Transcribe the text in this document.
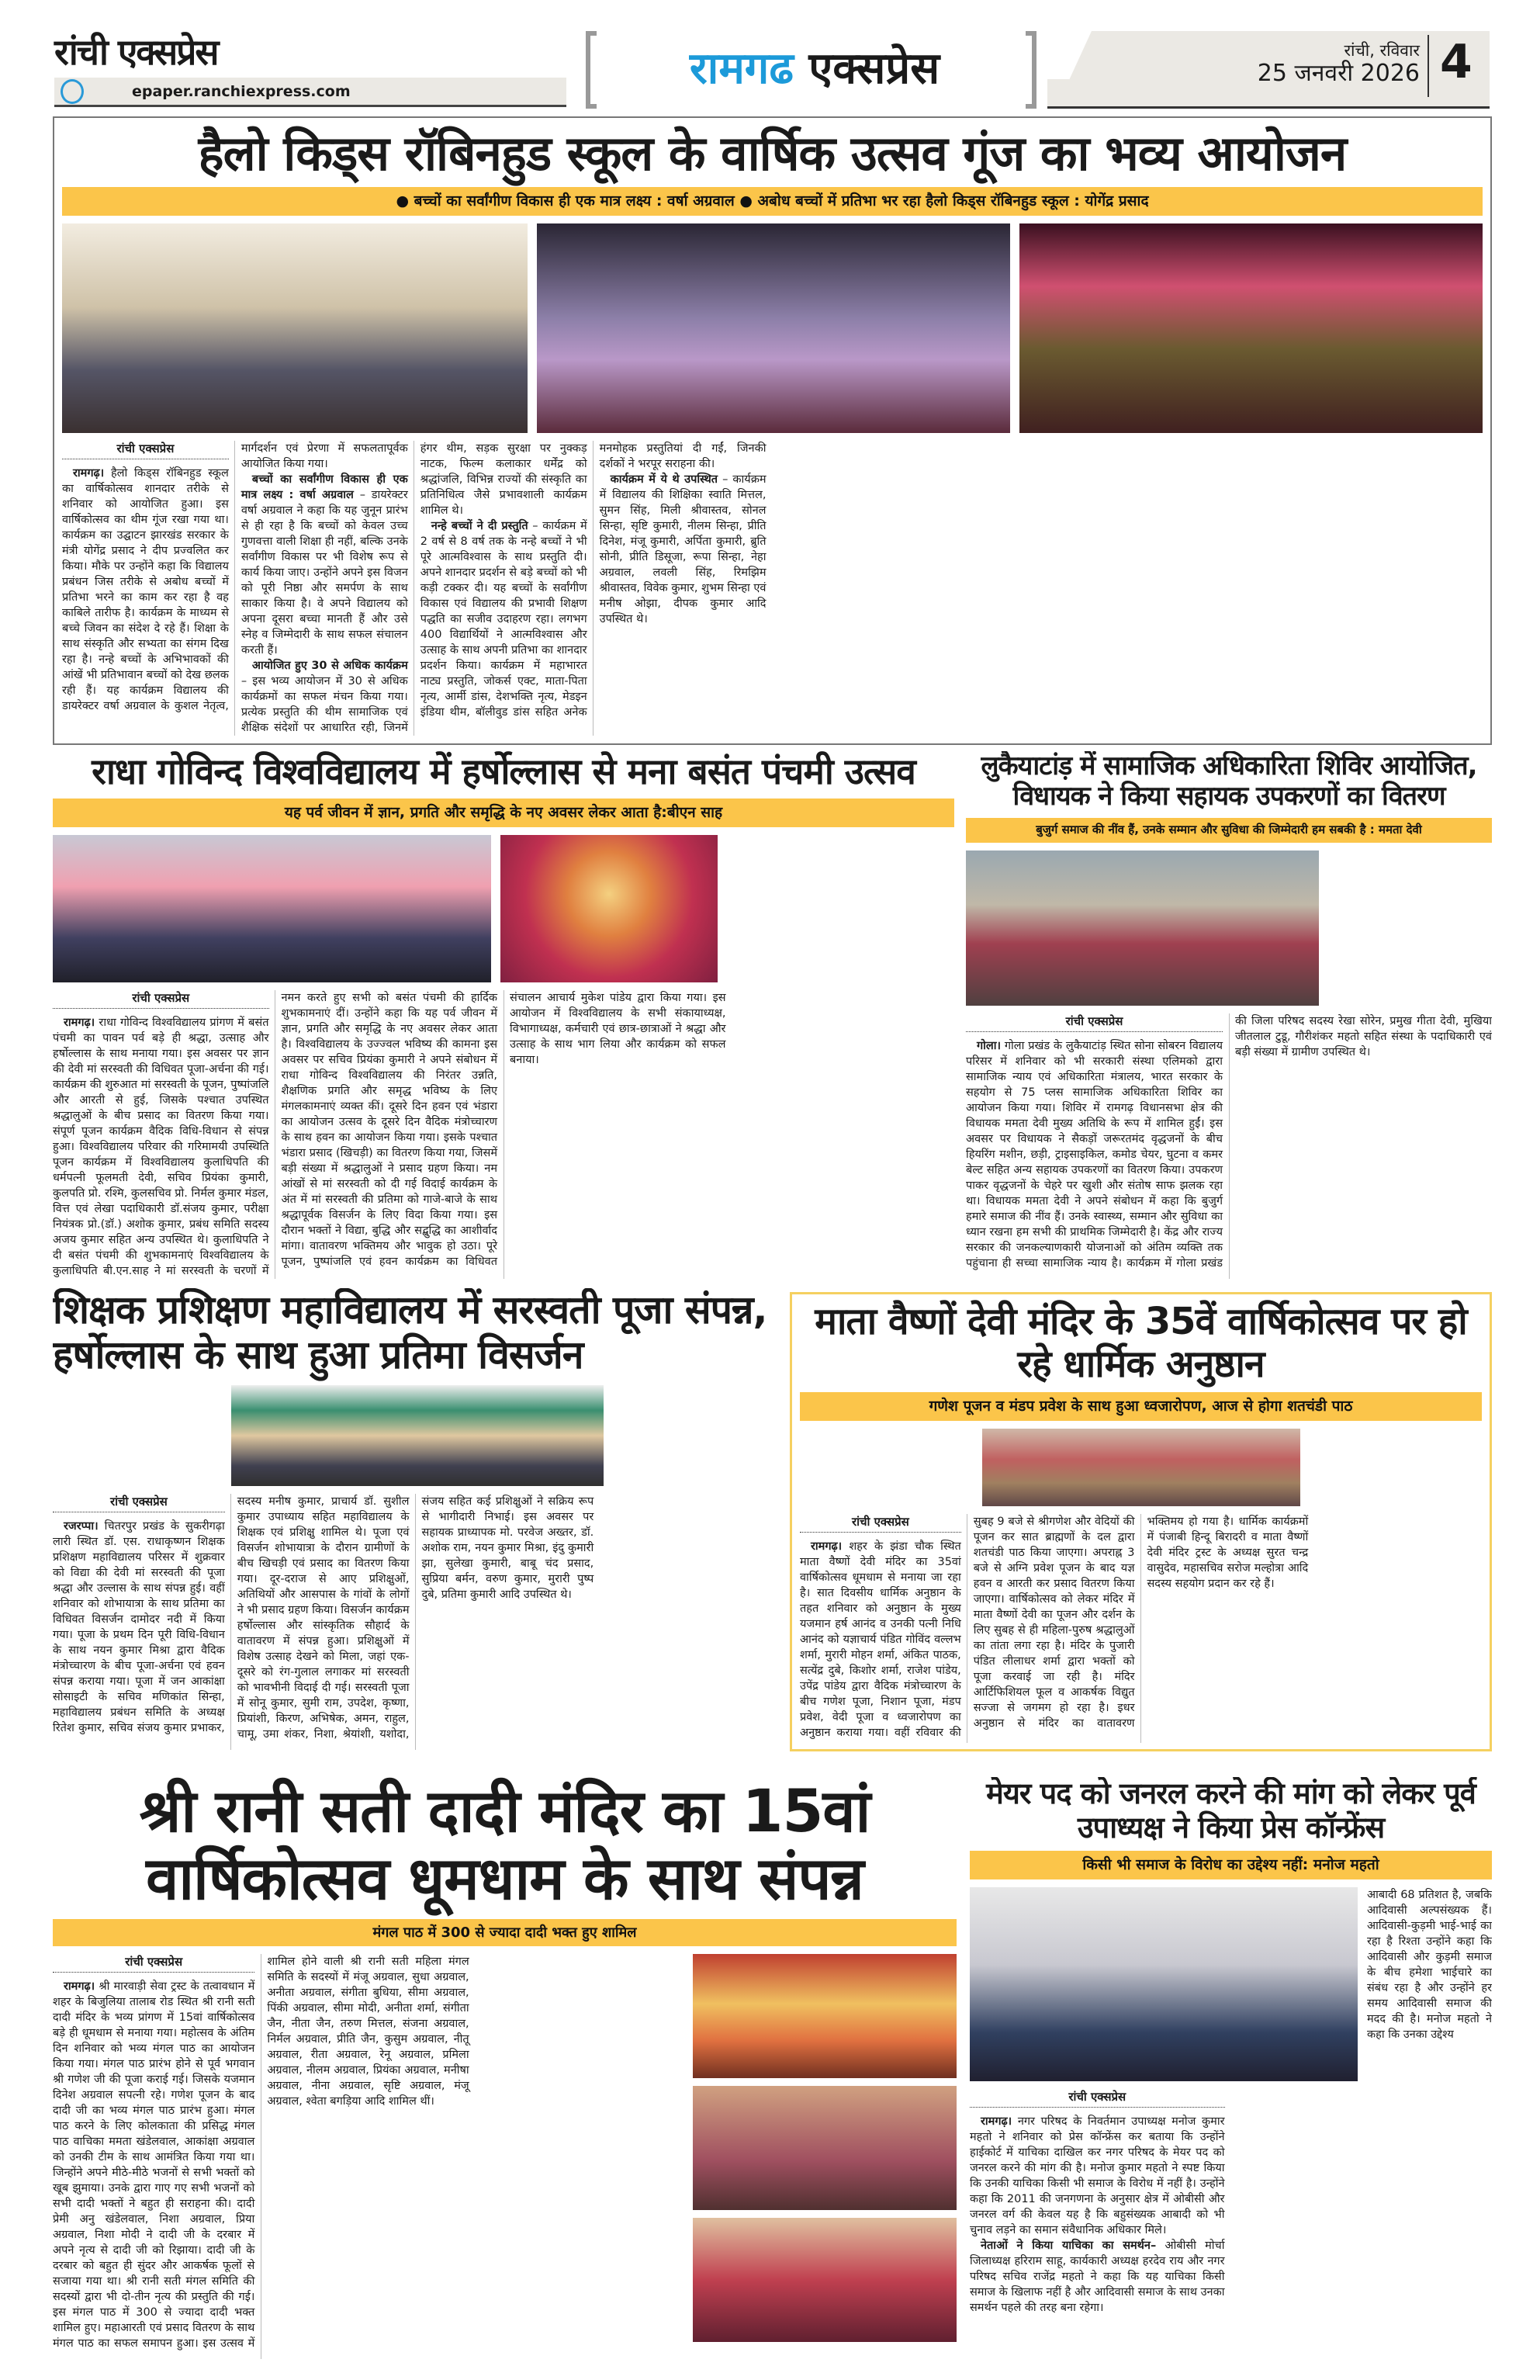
रांची एक्सप्रेस
epaper.ranchiexpress.com	रामगढ एक्सप्रेस	रांची, रविवार
25 जनवरी 2026 4
हैलो किड्स रॉबिनहुड स्कूल के वार्षिक उत्सव गूंज का भव्य आयोजन
● बच्चों का सर्वांगीण विकास ही एक मात्र लक्ष्य : वर्षा अग्रवाल ● अबोध बच्चों में प्रतिभा भर रहा हैलो किड्स रॉबिनहुड स्कूल : योगेंद्र प्रसाद
रांची एक्सप्रेस

रामगढ़। हैलो किड्स रॉबिनहुड स्कूल का वार्षिकोत्सव शानदार तरीके से शनिवार को आयोजित हुआ। इस वार्षिकोत्सव का थीम गूंज रखा गया था। कार्यक्रम का उद्घाटन झारखंड सरकार के मंत्री योगेंद्र प्रसाद ने दीप प्रज्वलित कर किया। मौके पर उन्होंने कहा कि विद्यालय प्रबंधन जिस तरीके से अबोध बच्चों में प्रतिभा भरने का काम कर रहा है वह काबिले तारीफ है। कार्यक्रम के माध्यम से बच्चे जिवन का संदेश दे रहे हैं। शिक्षा के साथ संस्कृति और सभ्यता का संगम दिख रहा है। नन्हे बच्चों के अभिभावकों की आंखें भी प्रतिभावान बच्चों को देख छलक रही हैं। यह कार्यक्रम विद्यालय की डायरेक्टर वर्षा अग्रवाल के कुशल नेतृत्व, मार्गदर्शन एवं प्रेरणा में सफलतापूर्वक आयोजित किया गया।

बच्चों का सर्वांगीण विकास ही एक मात्र लक्ष्य : वर्षा अग्रवाल – डायरेक्टर वर्षा अग्रवाल ने कहा कि यह जुनून प्रारंभ से ही रहा है कि बच्चों को केवल उच्च गुणवत्ता वाली शिक्षा ही नहीं, बल्कि उनके सर्वांगीण विकास पर भी विशेष रूप से कार्य किया जाए। उन्होंने अपने इस विजन को पूरी निष्ठा और समर्पण के साथ साकार किया है। वे अपने विद्यालय को अपना दूसरा बच्चा मानती हैं और उसे स्नेह व जिम्मेदारी के साथ सफल संचालन करती हैं।

आयोजित हुए 30 से अधिक कार्यक्रम – इस भव्य आयोजन में 30 से अधिक कार्यक्रमों का सफल मंचन किया गया। प्रत्येक प्रस्तुति की थीम सामाजिक एवं शैक्षिक संदेशों पर आधारित रही, जिनमें हंगर थीम, सड़क सुरक्षा पर नुक्कड़ नाटक, फिल्म कलाकार धर्मेंद्र को श्रद्धांजलि, विभिन्न राज्यों की संस्कृति का प्रतिनिधित्व जैसे प्रभावशाली कार्यक्रम शामिल थे।

नन्हे बच्चों ने दी प्रस्तुति – कार्यक्रम में 2 वर्ष से 8 वर्ष तक के नन्हे बच्चों ने भी पूरे आत्मविश्वास के साथ प्रस्तुति दी। अपने शानदार प्रदर्शन से बड़े बच्चों को भी कड़ी टक्कर दी। यह बच्चों के सर्वांगीण विकास एवं विद्यालय की प्रभावी शिक्षण पद्धति का सजीव उदाहरण रहा। लगभग 400 विद्यार्थियों ने आत्मविश्वास और उत्साह के साथ अपनी प्रतिभा का शानदार प्रदर्शन किया। कार्यक्रम में महाभारत नाट्य प्रस्तुति, जोकर्स एक्ट, माता-पिता नृत्य, आर्मी डांस, देशभक्ति नृत्य, मेडइन इंडिया थीम, बॉलीवुड डांस सहित अनेक मनमोहक प्रस्तुतियां दी गईं, जिनकी दर्शकों ने भरपूर सराहना की।

कार्यक्रम में ये थे उपस्थित – कार्यक्रम में विद्यालय की शिक्षिका स्वाति मित्तल, सुमन सिंह, मिली श्रीवास्तव, सोनल सिन्हा, सृष्टि कुमारी, नीलम सिन्हा, प्रीति दिनेश, मंजू कुमारी, अर्पिता कुमारी, ब्रुति सोनी, प्रीति डिसूजा, रूपा सिन्हा, नेहा अग्रवाल, लवली सिंह, रिमझिम श्रीवास्तव, विवेक कुमार, शुभम सिन्हा एवं मनीष ओझा, दीपक कुमार आदि उपस्थित थे।

राधा गोविन्द विश्वविद्यालय में हर्षोल्लास से मना बसंत पंचमी उत्सव
यह पर्व जीवन में ज्ञान, प्रगति और समृद्धि के नए अवसर लेकर आता है:बीएन साह
रांची एक्सप्रेस

रामगढ़। राधा गोविन्द विश्वविद्यालय प्रांगण में बसंत पंचमी का पावन पर्व बड़े ही श्रद्धा, उत्साह और हर्षोल्लास के साथ मनाया गया। इस अवसर पर ज्ञान की देवी मां सरस्वती की विधिवत पूजा-अर्चना की गई। कार्यक्रम की शुरुआत मां सरस्वती के पूजन, पुष्पांजलि और आरती से हुई, जिसके पश्चात उपस्थित श्रद्धालुओं के बीच प्रसाद का वितरण किया गया। संपूर्ण पूजन कार्यक्रम वैदिक विधि-विधान से संपन्न हुआ। विश्वविद्यालय परिवार की गरिमामयी उपस्थिति पूजन कार्यक्रम में विश्वविद्यालय कुलाधिपति की धर्मपत्नी फूलमती देवी, सचिव प्रियंका कुमारी, कुलपति प्रो. रश्मि, कुलसचिव प्रो. निर्मल कुमार मंडल, वित्त एवं लेखा पदाधिकारी डॉ.संजय कुमार, परीक्षा नियंत्रक प्रो.(डॉ.) अशोक कुमार, प्रबंध समिति सदस्य अजय कुमार सहित अन्य उपस्थित थे। कुलाधिपति ने दी बसंत पंचमी की शुभकामनाएं विश्वविद्यालय के कुलाधिपति बी.एन.साह ने मां सरस्वती के चरणों में नमन करते हुए सभी को बसंत पंचमी की हार्दिक शुभकामनाएं दीं। उन्होंने कहा कि यह पर्व जीवन में ज्ञान, प्रगति और समृद्धि के नए अवसर लेकर आता है। विश्वविद्यालय के उज्ज्वल भविष्य की कामना इस अवसर पर सचिव प्रियंका कुमारी ने अपने संबोधन में राधा गोविन्द विश्वविद्यालय की निरंतर उन्नति, शैक्षणिक प्रगति और समृद्ध भविष्य के लिए मंगलकामनाएं व्यक्त कीं। दूसरे दिन हवन एवं भंडारा का आयोजन उत्सव के दूसरे दिन वैदिक मंत्रोच्चारण के साथ हवन का आयोजन किया गया। इसके पश्चात भंडारा प्रसाद (खिचड़ी) का वितरण किया गया, जिसमें बड़ी संख्या में श्रद्धालुओं ने प्रसाद ग्रहण किया। नम आंखों से मां सरस्वती को दी गई विदाई कार्यक्रम के अंत में मां सरस्वती की प्रतिमा को गाजे-बाजे के साथ श्रद्धापूर्वक विसर्जन के लिए विदा किया गया। इस दौरान भक्तों ने विद्या, बुद्धि और सद्बुद्धि का आशीर्वाद मांगा। वातावरण भक्तिमय और भावुक हो उठा। पूरे पूजन, पुष्पांजलि एवं हवन कार्यक्रम का विधिवत संचालन आचार्य मुकेश पांडेय द्वारा किया गया। इस आयोजन में विश्वविद्यालय के सभी संकायाध्यक्ष, विभागाध्यक्ष, कर्मचारी एवं छात्र-छात्राओं ने श्रद्धा और उत्साह के साथ भाग लिया और कार्यक्रम को सफल बनाया।

लुकैयाटांड़ में सामाजिक अधिकारिता शिविर आयोजित, विधायक ने किया सहायक उपकरणों का वितरण
बुजुर्ग समाज की नींव हैं, उनके सम्मान और सुविधा की जिम्मेदारी हम सबकी है : ममता देवी
रांची एक्सप्रेस

गोला। गोला प्रखंड के लुकैयाटांड़ स्थित सोना सोबरन विद्यालय परिसर में शनिवार को भी सरकारी संस्था एलिमको द्वारा सामाजिक न्याय एवं अधिकारिता मंत्रालय, भारत सरकार के सहयोग से 75 प्लस सामाजिक अधिकारिता शिविर का आयोजन किया गया। शिविर में रामगढ़ विधानसभा क्षेत्र की विधायक ममता देवी मुख्य अतिथि के रूप में शामिल हुईं। इस अवसर पर विधायक ने सैकड़ों जरूरतमंद वृद्धजनों के बीच हियरिंग मशीन, छड़ी, ट्राइसाइकिल, कमोड चेयर, घुटना व कमर बेल्ट सहित अन्य सहायक उपकरणों का वितरण किया। उपकरण पाकर वृद्धजनों के चेहरे पर खुशी और संतोष साफ झलक रहा था। विधायक ममता देवी ने अपने संबोधन में कहा कि बुजुर्ग हमारे समाज की नींव हैं। उनके स्वास्थ्य, सम्मान और सुविधा का ध्यान रखना हम सभी की प्राथमिक जिम्मेदारी है। केंद्र और राज्य सरकार की जनकल्याणकारी योजनाओं को अंतिम व्यक्ति तक पहुंचाना ही सच्चा सामाजिक न्याय है। कार्यक्रम में गोला प्रखंड की जिला परिषद सदस्य रेखा सोरेन, प्रमुख गीता देवी, मुखिया जीतलाल टुडू, गौरीशंकर महतो सहित संस्था के पदाधिकारी एवं बड़ी संख्या में ग्रामीण उपस्थित थे।

शिक्षक प्रशिक्षण महाविद्यालय में सरस्वती पूजा संपन्न, हर्षोल्लास के साथ हुआ प्रतिमा विसर्जन
रांची एक्सप्रेस

रजरप्पा। चितरपुर प्रखंड के सुकरीगढ़ा लारी स्थित डॉ. एस. राधाकृष्णन शिक्षक प्रशिक्षण महाविद्यालय परिसर में शुक्रवार को विद्या की देवी मां सरस्वती की पूजा श्रद्धा और उल्लास के साथ संपन्न हुई। वहीं शनिवार को शोभायात्रा के साथ प्रतिमा का विधिवत विसर्जन दामोदर नदी में किया गया। पूजा के प्रथम दिन पूरी विधि-विधान के साथ नयन कुमार मिश्रा द्वारा वैदिक मंत्रोच्चारण के बीच पूजा-अर्चना एवं हवन संपन्न कराया गया। पूजा में जन आकांक्षा सोसाइटी के सचिव मणिकांत सिन्हा, महाविद्यालय प्रबंधन समिति के अध्यक्ष रितेश कुमार, सचिव संजय कुमार प्रभाकर, सदस्य मनीष कुमार, प्राचार्य डॉ. सुशील कुमार उपाध्याय सहित महाविद्यालय के शिक्षक एवं प्रशिक्षु शामिल थे। पूजा एवं विसर्जन शोभायात्रा के दौरान ग्रामीणों के बीच खिचड़ी एवं प्रसाद का वितरण किया गया। दूर-दराज से आए प्रशिक्षुओं, अतिथियों और आसपास के गांवों के लोगों ने भी प्रसाद ग्रहण किया। विसर्जन कार्यक्रम हर्षोल्लास और सांस्कृतिक सौहार्द के वातावरण में संपन्न हुआ। प्रशिक्षुओं में विशेष उत्साह देखने को मिला, जहां एक-दूसरे को रंग-गुलाल लगाकर मां सरस्वती को भावभीनी विदाई दी गई। सरस्वती पूजा में सोनू कुमार, सुमी राम, उपदेश, कृष्णा, प्रियांशी, किरण, अभिषेक, अमन, राहुल, चामू, उमा शंकर, निशा, श्रेयांशी, यशोदा, संजय सहित कई प्रशिक्षुओं ने सक्रिय रूप से भागीदारी निभाई। इस अवसर पर सहायक प्राध्यापक मो. परवेज अख्तर, डॉ. अशोक राम, नयन कुमार मिश्रा, इंदु कुमारी झा, सुलेखा कुमारी, बाबू चंद प्रसाद, सुप्रिया बर्मन, वरुण कुमार, मुरारी पुष्प दुबे, प्रतिमा कुमारी आदि उपस्थित थे।

माता वैष्णों देवी मंदिर के 35वें वार्षिकोत्सव पर हो रहे धार्मिक अनुष्ठान
गणेश पूजन व मंडप प्रवेश के साथ हुआ ध्वजारोपण, आज से होगा शतचंडी पाठ
रांची एक्सप्रेस

रामगढ़। शहर के झंडा चौक स्थित माता वैष्णों देवी मंदिर का 35वां वार्षिकोत्सव धूमधाम से मनाया जा रहा है। सात दिवसीय धार्मिक अनुष्ठान के तहत शनिवार को अनुष्ठान के मुख्य यजमान हर्ष आनंद व उनकी पत्नी निधि आनंद को यज्ञाचार्य पंडित गोविंद वल्लभ शर्मा, मुरारी मोहन शर्मा, अंकित पाठक, सत्येंद्र दुबे, किशोर शर्मा, राजेश पांडेय, उपेंद्र पांडेय द्वारा वैदिक मंत्रोच्चारण के बीच गणेश पूजा, निशान पूजा, मंडप प्रवेश, वेदी पूजा व ध्वजारोपण का अनुष्ठान कराया गया। वहीं रविवार की सुबह 9 बजे से श्रीगणेश और वेदियों की पूजन कर सात ब्राह्मणों के दल द्वारा शतचंडी पाठ किया जाएगा। अपराह्न 3 बजे से अग्नि प्रवेश पूजन के बाद यज्ञ हवन व आरती कर प्रसाद वितरण किया जाएगा। वार्षिकोत्सव को लेकर मंदिर में माता वैष्णों देवी का पूजन और दर्शन के लिए सुबह से ही महिला-पुरुष श्रद्धालुओं का तांता लगा रहा है। मंदिर के पुजारी पंडित लीलाधर शर्मा द्वारा भक्तों को पूजा करवाई जा रही है। मंदिर आर्टिफिशियल फूल व आकर्षक विद्युत सज्जा से जगमग हो रहा है। इधर अनुष्ठान से मंदिर का वातावरण भक्तिमय हो गया है। धार्मिक कार्यक्रमों में पंजाबी हिन्दू बिरादरी व माता वैष्णों देवी मंदिर ट्रस्ट के अध्यक्ष सुरत चन्द्र वासुदेव, महासचिव सरोज मल्होत्रा आदि सदस्य सहयोग प्रदान कर रहे हैं।

श्री रानी सती दादी मंदिर का 15वां वार्षिकोत्सव धूमधाम के साथ संपन्न
मंगल पाठ में 300 से ज्यादा दादी भक्त हुए शामिल
रांची एक्सप्रेस

रामगढ़। श्री मारवाड़ी सेवा ट्रस्ट के तत्वावधान में शहर के बिजुलिया तालाब रोड स्थित श्री रानी सती दादी मंदिर के भव्य प्रांगण में 15वां वार्षिकोत्सव बड़े ही धूमधाम से मनाया गया। महोत्सव के अंतिम दिन शनिवार को भव्य मंगल पाठ का आयोजन किया गया। मंगल पाठ प्रारंभ होने से पूर्व भगवान श्री गणेश जी की पूजा कराई गई। जिसके यजमान दिनेश अग्रवाल सपत्नी रहे। गणेश पूजन के बाद दादी जी का भव्य मंगल पाठ प्रारंभ हुआ। मंगल पाठ करने के लिए कोलकाता की प्रसिद्ध मंगल पाठ वाचिका ममता खंडेलवाल, आकांक्षा अग्रवाल को उनकी टीम के साथ आमंत्रित किया गया था। जिन्होंने अपने मीठे-मीठे भजनों से सभी भक्तों को खूब झुमाया। उनके द्वारा गाए गए सभी भजनों को सभी दादी भक्तों ने बहुत ही सराहना की। दादी प्रेमी अनु खंडेलवाल, निशा अग्रवाल, प्रिया अग्रवाल, निशा मोदी ने दादी जी के दरबार में अपने नृत्य से दादी जी को रिझाया। दादी जी के दरबार को बहुत ही सुंदर और आकर्षक फूलों से सजाया गया था। श्री रानी सती मंगल समिति की सदस्यों द्वारा भी दो-तीन नृत्य की प्रस्तुति की गई। इस मंगल पाठ में 300 से ज्यादा दादी भक्त शामिल हुए। महाआरती एवं प्रसाद वितरण के साथ मंगल पाठ का सफल समापन हुआ। इस उत्सव में शामिल होने वाली श्री रानी सती महिला मंगल समिति के सदस्यों में मंजू अग्रवाल, सुधा अग्रवाल, अनीता अग्रवाल, संगीता बुधिया, सीमा अग्रवाल, पिंकी अग्रवाल, सीमा मोदी, अनीता शर्मा, संगीता जैन, नीता जैन, तरुण मित्तल, संजना अग्रवाल, निर्मल अग्रवाल, प्रीति जैन, कुसुम अग्रवाल, नीतू अग्रवाल, रीता अग्रवाल, रेनू अग्रवाल, प्रमिला अग्रवाल, नीलम अग्रवाल, प्रियंका अग्रवाल, मनीषा अग्रवाल, नीना अग्रवाल, सृष्टि अग्रवाल, मंजू अग्रवाल, श्वेता बगड़िया आदि शामिल थीं।

मेयर पद को जनरल करने की मांग को लेकर पूर्व उपाध्यक्ष ने किया प्रेस कॉन्फ्रेंस
किसी भी समाज के विरोध का उद्देश्य नहीं: मनोज महतो
आबादी 68 प्रतिशत है, जबकि आदिवासी अल्पसंख्यक हैं। आदिवासी-कुड़मी भाई-भाई का रहा है रिश्ता उन्होंने कहा कि आदिवासी और कुड़मी समाज के बीच हमेशा भाईचारे का संबंध रहा है और उन्होंने हर समय आदिवासी समाज की मदद की है। मनोज महतो ने कहा कि उनका उद्देश्य
रांची एक्सप्रेस

रामगढ़। नगर परिषद के निवर्तमान उपाध्यक्ष मनोज कुमार महतो ने शनिवार को प्रेस कॉन्फ्रेंस कर बताया कि उन्होंने हाईकोर्ट में याचिका दाखिल कर नगर परिषद के मेयर पद को जनरल करने की मांग की है। मनोज कुमार महतो ने स्पष्ट किया कि उनकी याचिका किसी भी समाज के विरोध में नहीं है। उन्होंने कहा कि 2011 की जनगणना के अनुसार क्षेत्र में ओबीसी और जनरल वर्ग की केवल यह है कि बहुसंख्यक आबादी को भी चुनाव लड़ने का समान संवैधानिक अधिकार मिले।

नेताओं ने किया याचिका का समर्थन– ओबीसी मोर्चा जिलाध्यक्ष हरिराम साहू, कार्यकारी अध्यक्ष हरदेव राय और नगर परिषद सचिव राजेंद्र महतो ने कहा कि यह याचिका किसी समाज के खिलाफ नहीं है और आदिवासी समाज के साथ उनका समर्थन पहले की तरह बना रहेगा।
